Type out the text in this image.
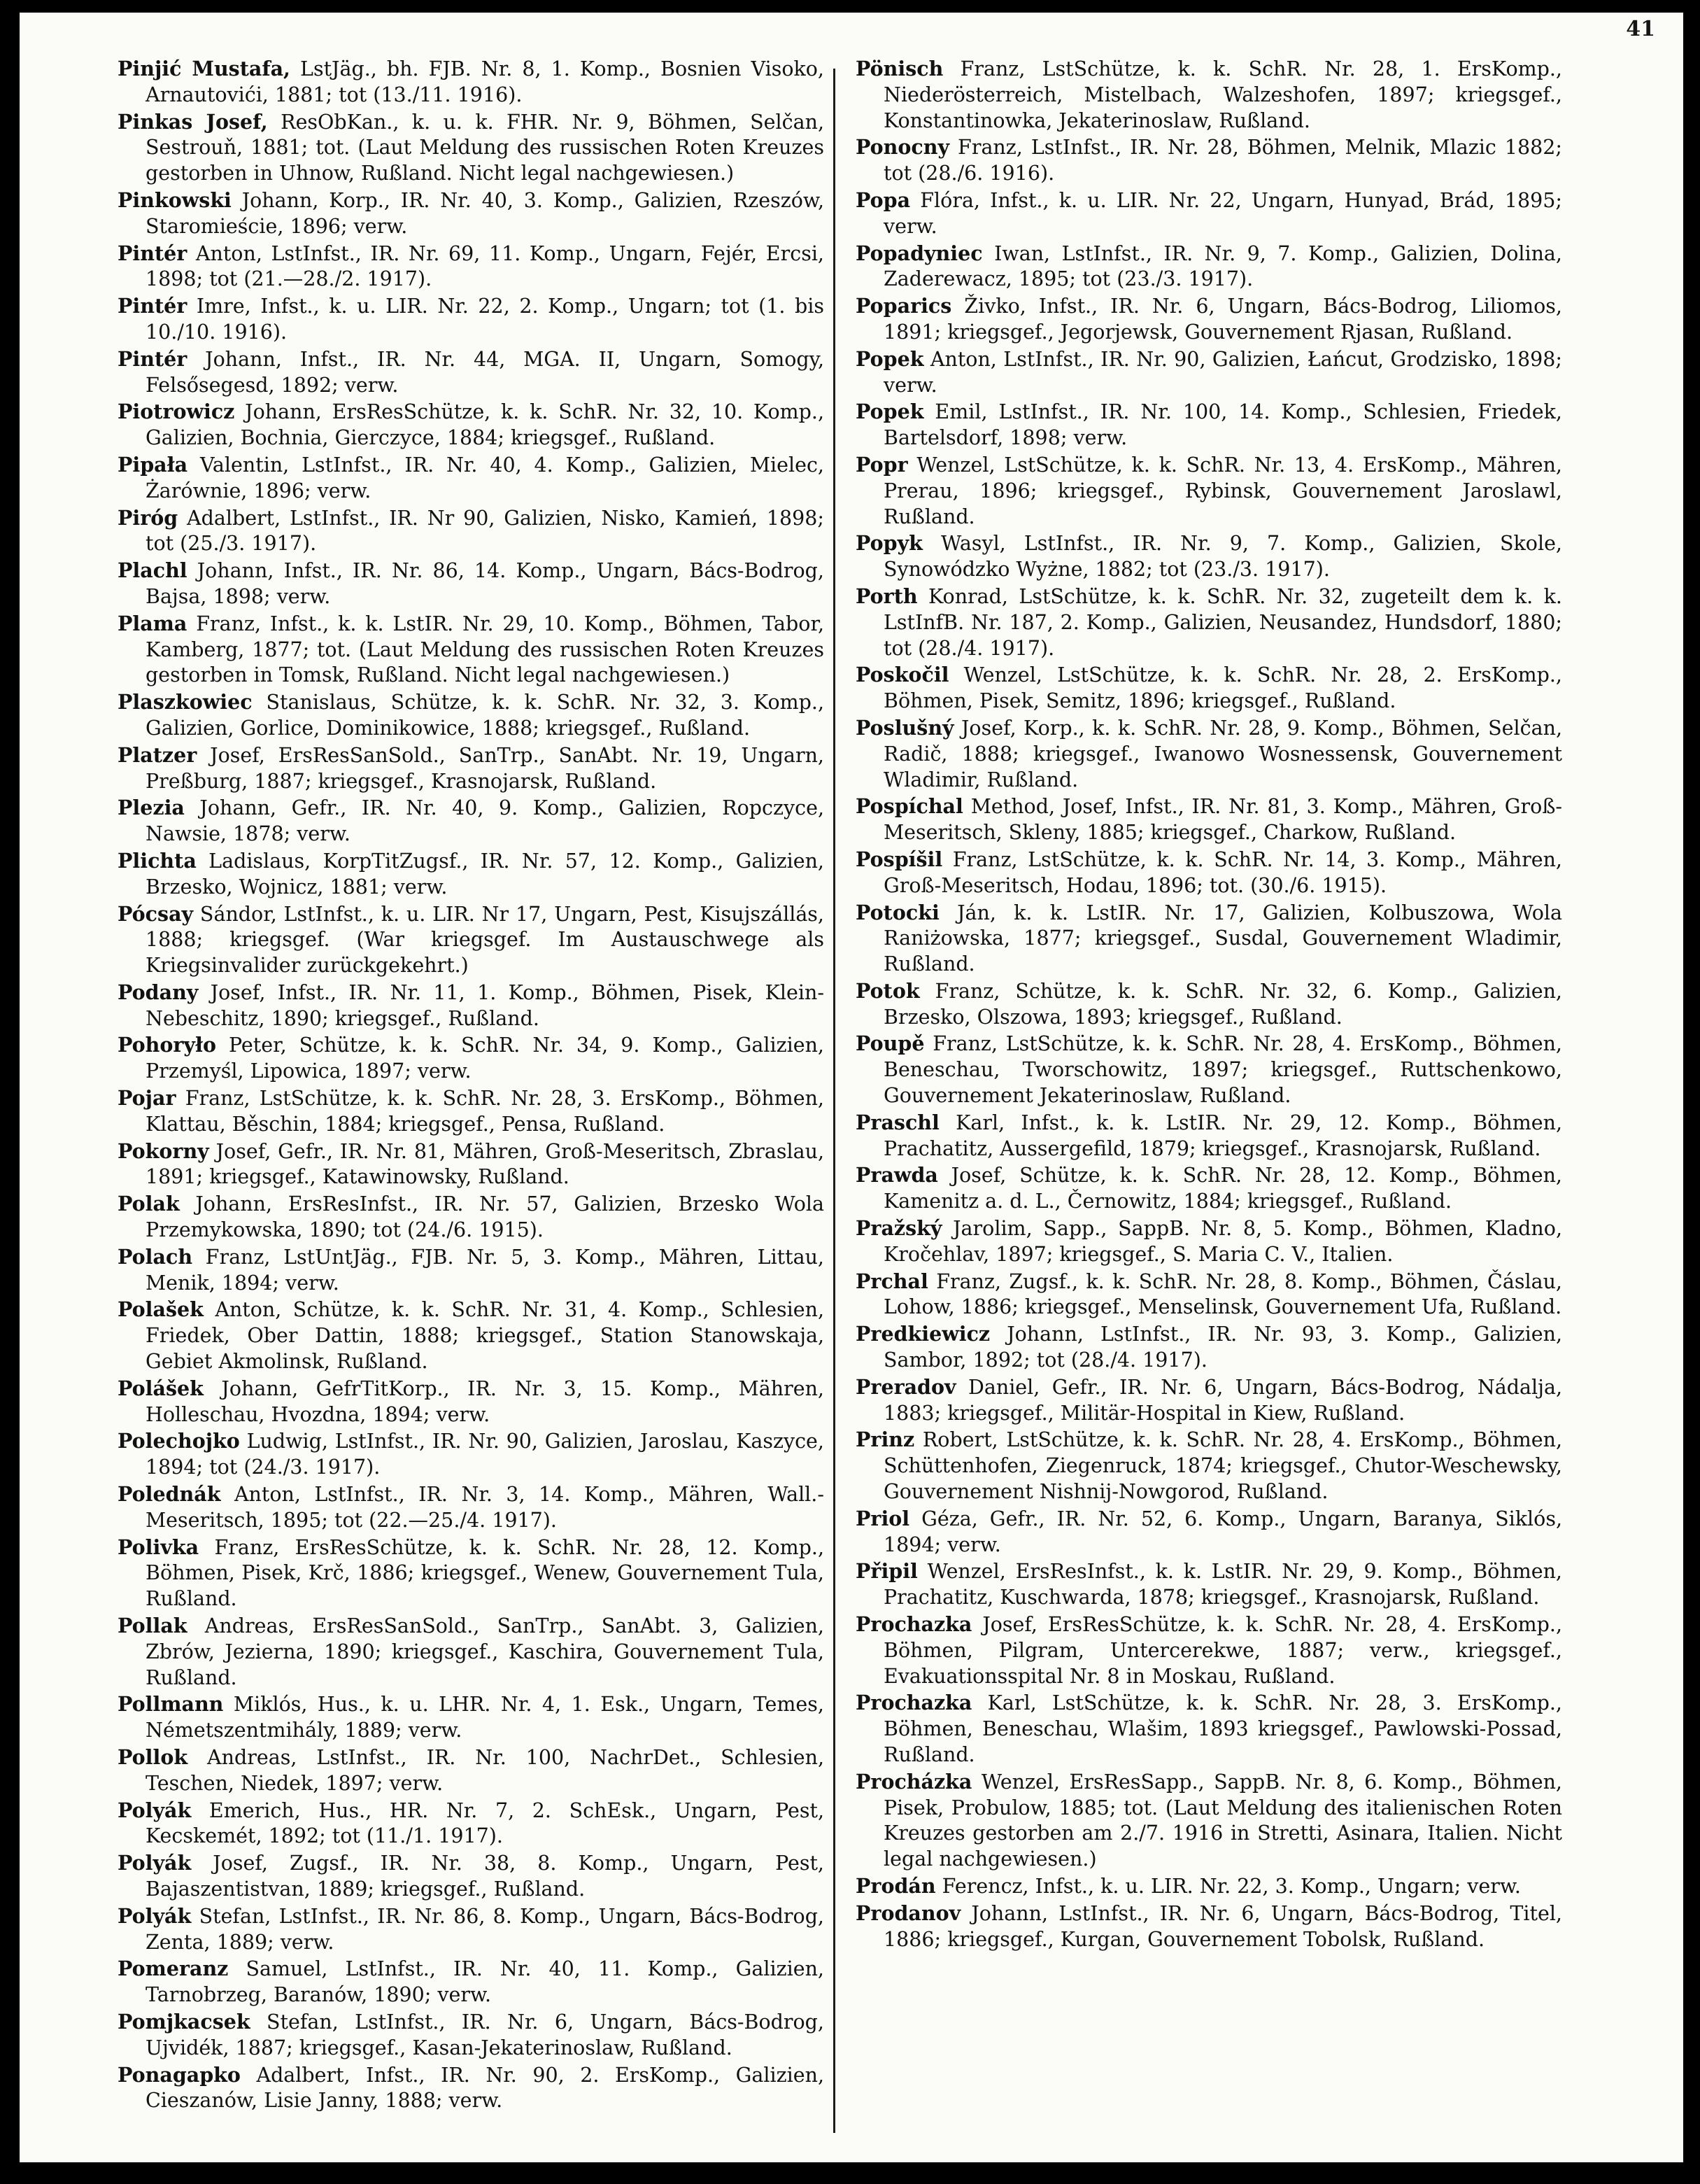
41
Pinjić Mustafa, LstJäg., bh. FJB. Nr. 8, 1. Komp., Bosnien Visoko, Arnautovići, 1881; tot (13./11. 1916).
Pinkas Josef, ResObKan., k. u. k. FHR. Nr. 9, Böhmen, Selčan, Sestrouň, 1881; tot. (Laut Meldung des russischen Roten Kreuzes gestorben in Uhnow, Rußland. Nicht legal nachgewiesen.)
Pinkowski Johann, Korp., IR. Nr. 40, 3. Komp., Galizien, Rzeszów, Staromieście, 1896; verw.
Pintér Anton, LstInfst., IR. Nr. 69, 11. Komp., Ungarn, Fejér, Ercsi, 1898; tot (21.—28./2. 1917).
Pintér Imre, Infst., k. u. LIR. Nr. 22, 2. Komp., Ungarn; tot (1. bis 10./10. 1916).
Pintér Johann, Infst., IR. Nr. 44, MGA. II, Ungarn, Somogy, Felsősegesd, 1892; verw.
Piotrowicz Johann, ErsResSchütze, k. k. SchR. Nr. 32, 10. Komp., Galizien, Bochnia, Gierczyce, 1884; kriegsgef., Rußland.
Pipała Valentin, LstInfst., IR. Nr. 40, 4. Komp., Galizien, Mielec, Żarównie, 1896; verw.
Piróg Adalbert, LstInfst., IR. Nr 90, Galizien, Nisko, Kamień, 1898; tot (25./3. 1917).
Plachl Johann, Infst., IR. Nr. 86, 14. Komp., Ungarn, Bács-Bodrog, Bajsa, 1898; verw.
Plama Franz, Infst., k. k. LstIR. Nr. 29, 10. Komp., Böhmen, Tabor, Kamberg, 1877; tot. (Laut Meldung des russischen Roten Kreuzes gestorben in Tomsk, Rußland. Nicht legal nachgewiesen.)
Plaszkowiec Stanislaus, Schütze, k. k. SchR. Nr. 32, 3. Komp., Galizien, Gorlice, Dominikowice, 1888; kriegsgef., Rußland.
Platzer Josef, ErsResSanSold., SanTrp., SanAbt. Nr. 19, Ungarn, Preßburg, 1887; kriegsgef., Krasnojarsk, Rußland.
Plezia Johann, Gefr., IR. Nr. 40, 9. Komp., Galizien, Ropczyce, Nawsie, 1878; verw.
Plichta Ladislaus, KorpTitZugsf., IR. Nr. 57, 12. Komp., Galizien, Brzesko, Wojnicz, 1881; verw.
Pócsay Sándor, LstInfst., k. u. LIR. Nr 17, Ungarn, Pest, Kisujszállás, 1888; kriegsgef. (War kriegsgef. Im Austauschwege als Kriegsinvalider zurückgekehrt.)
Podany Josef, Infst., IR. Nr. 11, 1. Komp., Böhmen, Pisek, Klein-Nebeschitz, 1890; kriegsgef., Rußland.
Pohoryło Peter, Schütze, k. k. SchR. Nr. 34, 9. Komp., Galizien, Przemyśl, Lipowica, 1897; verw.
Pojar Franz, LstSchütze, k. k. SchR. Nr. 28, 3. ErsKomp., Böhmen, Klattau, Běschin, 1884; kriegsgef., Pensa, Rußland.
Pokorny Josef, Gefr., IR. Nr. 81, Mähren, Groß-Meseritsch, Zbraslau, 1891; kriegsgef., Katawinowsky, Rußland.
Polak Johann, ErsResInfst., IR. Nr. 57, Galizien, Brzesko Wola Przemykowska, 1890; tot (24./6. 1915).
Polach Franz, LstUntJäg., FJB. Nr. 5, 3. Komp., Mähren, Littau, Menik, 1894; verw.
Polašek Anton, Schütze, k. k. SchR. Nr. 31, 4. Komp., Schlesien, Friedek, Ober Dattin, 1888; kriegsgef., Station Stanowskaja, Gebiet Akmolinsk, Rußland.
Polášek Johann, GefrTitKorp., IR. Nr. 3, 15. Komp., Mähren, Holleschau, Hvozdna, 1894; verw.
Polechojko Ludwig, LstInfst., IR. Nr. 90, Galizien, Jaroslau, Kaszyce, 1894; tot (24./3. 1917).
Polednák Anton, LstInfst., IR. Nr. 3, 14. Komp., Mähren, Wall.-Meseritsch, 1895; tot (22.—25./4. 1917).
Polivka Franz, ErsResSchütze, k. k. SchR. Nr. 28, 12. Komp., Böhmen, Pisek, Krč, 1886; kriegsgef., Wenew, Gouvernement Tula, Rußland.
Pollak Andreas, ErsResSanSold., SanTrp., SanAbt. 3, Galizien, Zbrów, Jezierna, 1890; kriegsgef., Kaschira, Gouvernement Tula, Rußland.
Pollmann Miklós, Hus., k. u. LHR. Nr. 4, 1. Esk., Ungarn, Temes, Németszentmihály, 1889; verw.
Pollok Andreas, LstInfst., IR. Nr. 100, NachrDet., Schlesien, Teschen, Niedek, 1897; verw.
Polyák Emerich, Hus., HR. Nr. 7, 2. SchEsk., Ungarn, Pest, Kecskemét, 1892; tot (11./1. 1917).
Polyák Josef, Zugsf., IR. Nr. 38, 8. Komp., Ungarn, Pest, Bajaszentistvan, 1889; kriegsgef., Rußland.
Polyák Stefan, LstInfst., IR. Nr. 86, 8. Komp., Ungarn, Bács-Bodrog, Zenta, 1889; verw.
Pomeranz Samuel, LstInfst., IR. Nr. 40, 11. Komp., Galizien, Tarnobrzeg, Baranów, 1890; verw.
Pomjkacsek Stefan, LstInfst., IR. Nr. 6, Ungarn, Bács-Bodrog, Ujvidék, 1887; kriegsgef., Kasan-Jekaterinoslaw, Rußland.
Ponagapko Adalbert, Infst., IR. Nr. 90, 2. ErsKomp., Galizien, Cieszanów, Lisie Janny, 1888; verw.
Pönisch Franz, LstSchütze, k. k. SchR. Nr. 28, 1. ErsKomp., Niederösterreich, Mistelbach, Walzeshofen, 1897; kriegsgef., Konstantinowka, Jekaterinoslaw, Rußland.
Ponocny Franz, LstInfst., IR. Nr. 28, Böhmen, Melnik, Mlazic 1882; tot (28./6. 1916).
Popa Flóra, Infst., k. u. LIR. Nr. 22, Ungarn, Hunyad, Brád, 1895; verw.
Popadyniec Iwan, LstInfst., IR. Nr. 9, 7. Komp., Galizien, Dolina, Zaderewacz, 1895; tot (23./3. 1917).
Poparics Živko, Infst., IR. Nr. 6, Ungarn, Bács-Bodrog, Liliomos, 1891; kriegsgef., Jegorjewsk, Gouvernement Rjasan, Rußland.
Popek Anton, LstInfst., IR. Nr. 90, Galizien, Łańcut, Grodzisko, 1898; verw.
Popek Emil, LstInfst., IR. Nr. 100, 14. Komp., Schlesien, Friedek, Bartelsdorf, 1898; verw.
Popr Wenzel, LstSchütze, k. k. SchR. Nr. 13, 4. ErsKomp., Mähren, Prerau, 1896; kriegsgef., Rybinsk, Gouvernement Jaroslawl, Rußland.
Popyk Wasyl, LstInfst., IR. Nr. 9, 7. Komp., Galizien, Skole, Synowódzko Wyżne, 1882; tot (23./3. 1917).
Porth Konrad, LstSchütze, k. k. SchR. Nr. 32, zugeteilt dem k. k. LstInfB. Nr. 187, 2. Komp., Galizien, Neusandez, Hundsdorf, 1880; tot (28./4. 1917).
Poskočil Wenzel, LstSchütze, k. k. SchR. Nr. 28, 2. ErsKomp., Böhmen, Pisek, Semitz, 1896; kriegsgef., Rußland.
Poslušný Josef, Korp., k. k. SchR. Nr. 28, 9. Komp., Böhmen, Selčan, Radič, 1888; kriegsgef., Iwanowo Wosnessensk, Gouvernement Wladimir, Rußland.
Pospíchal Method, Josef, Infst., IR. Nr. 81, 3. Komp., Mähren, Groß-Meseritsch, Skleny, 1885; kriegsgef., Charkow, Rußland.
Pospíšil Franz, LstSchütze, k. k. SchR. Nr. 14, 3. Komp., Mähren, Groß-Meseritsch, Hodau, 1896; tot. (30./6. 1915).
Potocki Ján, k. k. LstIR. Nr. 17, Galizien, Kolbuszowa, Wola Raniżowska, 1877; kriegsgef., Susdal, Gouvernement Wladimir, Rußland.
Potok Franz, Schütze, k. k. SchR. Nr. 32, 6. Komp., Galizien, Brzesko, Olszowa, 1893; kriegsgef., Rußland.
Poupě Franz, LstSchütze, k. k. SchR. Nr. 28, 4. ErsKomp., Böhmen, Beneschau, Tworschowitz, 1897; kriegsgef., Ruttschenkowo, Gouvernement Jekaterinoslaw, Rußland.
Praschl Karl, Infst., k. k. LstIR. Nr. 29, 12. Komp., Böhmen, Prachatitz, Aussergefild, 1879; kriegsgef., Krasnojarsk, Rußland.
Prawda Josef, Schütze, k. k. SchR. Nr. 28, 12. Komp., Böhmen, Kamenitz a. d. L., Černowitz, 1884; kriegsgef., Rußland.
Pražský Jarolim, Sapp., SappB. Nr. 8, 5. Komp., Böhmen, Kladno, Kročehlav, 1897; kriegsgef., S. Maria C. V., Italien.
Prchal Franz, Zugsf., k. k. SchR. Nr. 28, 8. Komp., Böhmen, Čáslau, Lohow, 1886; kriegsgef., Menselinsk, Gouvernement Ufa, Rußland.
Predkiewicz Johann, LstInfst., IR. Nr. 93, 3. Komp., Galizien, Sambor, 1892; tot (28./4. 1917).
Preradov Daniel, Gefr., IR. Nr. 6, Ungarn, Bács-Bodrog, Nádalja, 1883; kriegsgef., Militär-Hospital in Kiew, Rußland.
Prinz Robert, LstSchütze, k. k. SchR. Nr. 28, 4. ErsKomp., Böhmen, Schüttenhofen, Ziegenruck, 1874; kriegsgef., Chutor-Weschewsky, Gouvernement Nishnij-Nowgorod, Rußland.
Priol Géza, Gefr., IR. Nr. 52, 6. Komp., Ungarn, Baranya, Siklós, 1894; verw.
Připil Wenzel, ErsResInfst., k. k. LstIR. Nr. 29, 9. Komp., Böhmen, Prachatitz, Kuschwarda, 1878; kriegsgef., Krasnojarsk, Rußland.
Prochazka Josef, ErsResSchütze, k. k. SchR. Nr. 28, 4. ErsKomp., Böhmen, Pilgram, Untercerekwe, 1887; verw., kriegsgef., Evakuationsspital Nr. 8 in Moskau, Rußland.
Prochazka Karl, LstSchütze, k. k. SchR. Nr. 28, 3. ErsKomp., Böhmen, Beneschau, Wlašim, 1893 kriegsgef., Pawlowski-Possad, Rußland.
Procházka Wenzel, ErsResSapp., SappB. Nr. 8, 6. Komp., Böhmen, Pisek, Probulow, 1885; tot. (Laut Meldung des italienischen Roten Kreuzes gestorben am 2./7. 1916 in Stretti, Asinara, Italien. Nicht legal nachgewiesen.)
Prodán Ferencz, Infst., k. u. LIR. Nr. 22, 3. Komp., Ungarn; verw.
Prodanov Johann, LstInfst., IR. Nr. 6, Ungarn, Bács-Bodrog, Titel, 1886; kriegsgef., Kurgan, Gouvernement Tobolsk, Rußland.
